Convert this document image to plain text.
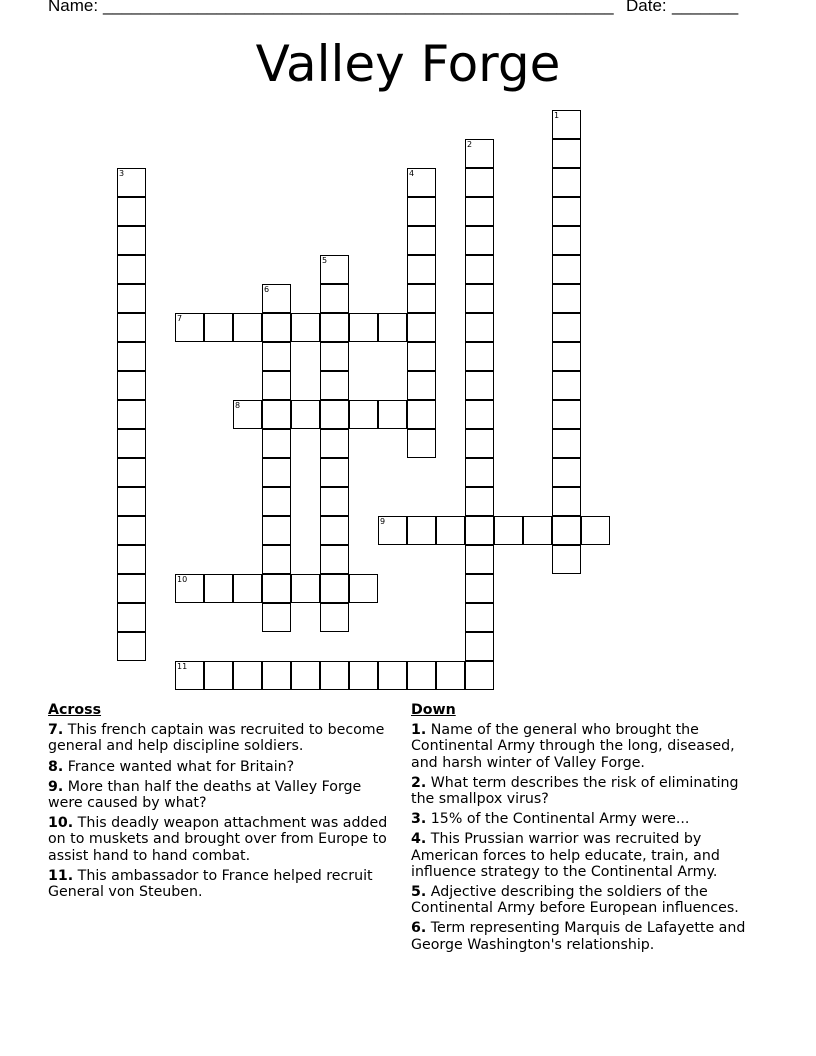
Name: ______________________________________________________ Date: _______
Valley Forge
1
2
3	4
5
6
7
8
9
10
11
Across
7. This french captain was recruited to become general and help discipline soldiers.
8. France wanted what for Britain?
9. More than half the deaths at Valley Forge were caused by what?
10. This deadly weapon attachment was added on to muskets and brought over from Europe to assist hand to hand combat.
11. This ambassador to France helped recruit General von Steuben.
Down
1. Name of the general who brought the Continental Army through the long, diseased, and harsh winter of Valley Forge.
2. What term describes the risk of eliminating the smallpox virus?
3. 15% of the Continental Army were...
4. This Prussian warrior was recruited by American forces to help educate, train, and influence strategy to the Continental Army.
5. Adjective describing the soldiers of the Continental Army before European influences.
6. Term representing Marquis de Lafayette and George Washington's relationship.
